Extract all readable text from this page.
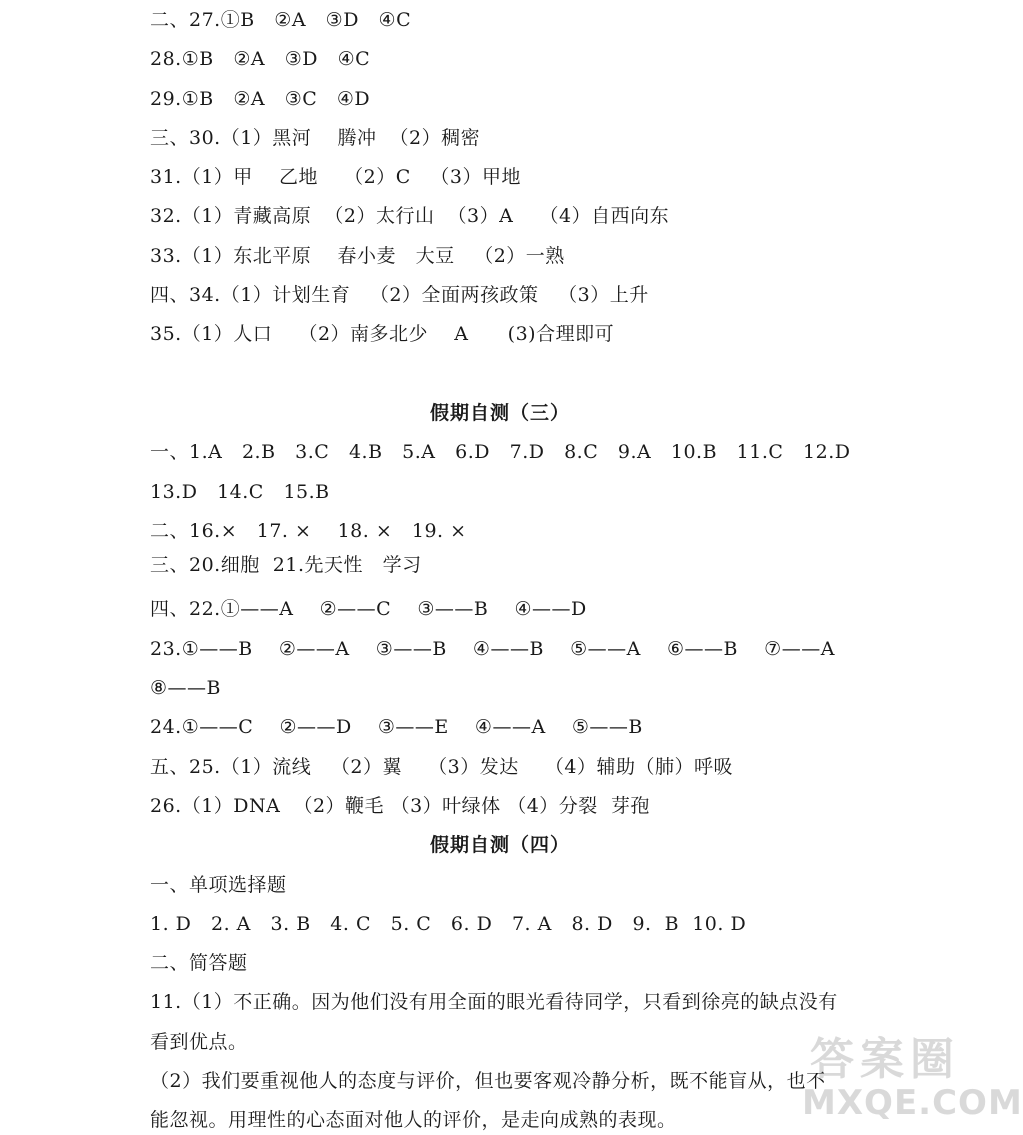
二、27.①B   ②A   ③D   ④C
28.①B   ②A   ③D   ④C
29.①B   ②A   ③C   ④D
三、30.（1）黑河    腾冲  （2）稠密
31.（1）甲    乙地    （2）C   （3）甲地
32.（1）青藏高原  （2）太行山  （3）A    （4）自西向东
33.（1）东北平原    春小麦   大豆   （2）一熟
四、34.（1）计划生育   （2）全面两孩政策   （3）上升
35.（1）人口    （2）南多北少    A      (3)合理即可
假期自测（三）
一、1.A   2.B   3.C   4.B   5.A   6.D   7.D   8.C   9.A   10.B   11.C   12.D
13.D   14.C   15.B
二、16.×   17. ×    18. ×   19. ×
三、20.细胞  21.先天性   学习
四、22.①——A    ②——C    ③——B    ④——D
23.①——B    ②——A    ③——B    ④——B    ⑤——A    ⑥——B    ⑦——A
⑧——B
24.①——C    ②——D    ③——E    ④——A    ⑤——B
五、25.（1）流线   （2）翼    （3）发达    （4）辅助（肺）呼吸
26.（1）DNA  （2）鞭毛 （3）叶绿体 （4）分裂  芽孢
假期自测（四）
一、单项选择题
1. D   2. A   3. B   4. C   5. C   6. D   7. A   8. D   9.  B  10. D
二、简答题
11.（1）不正确。因为他们没有用全面的眼光看待同学，只看到徐亮的缺点没有
看到优点。
（2）我们要重视他人的态度与评价，但也要客观冷静分析，既不能盲从，也不
能忽视。用理性的心态面对他人的评价，是走向成熟的表现。
答案圈
MXQE.COM
